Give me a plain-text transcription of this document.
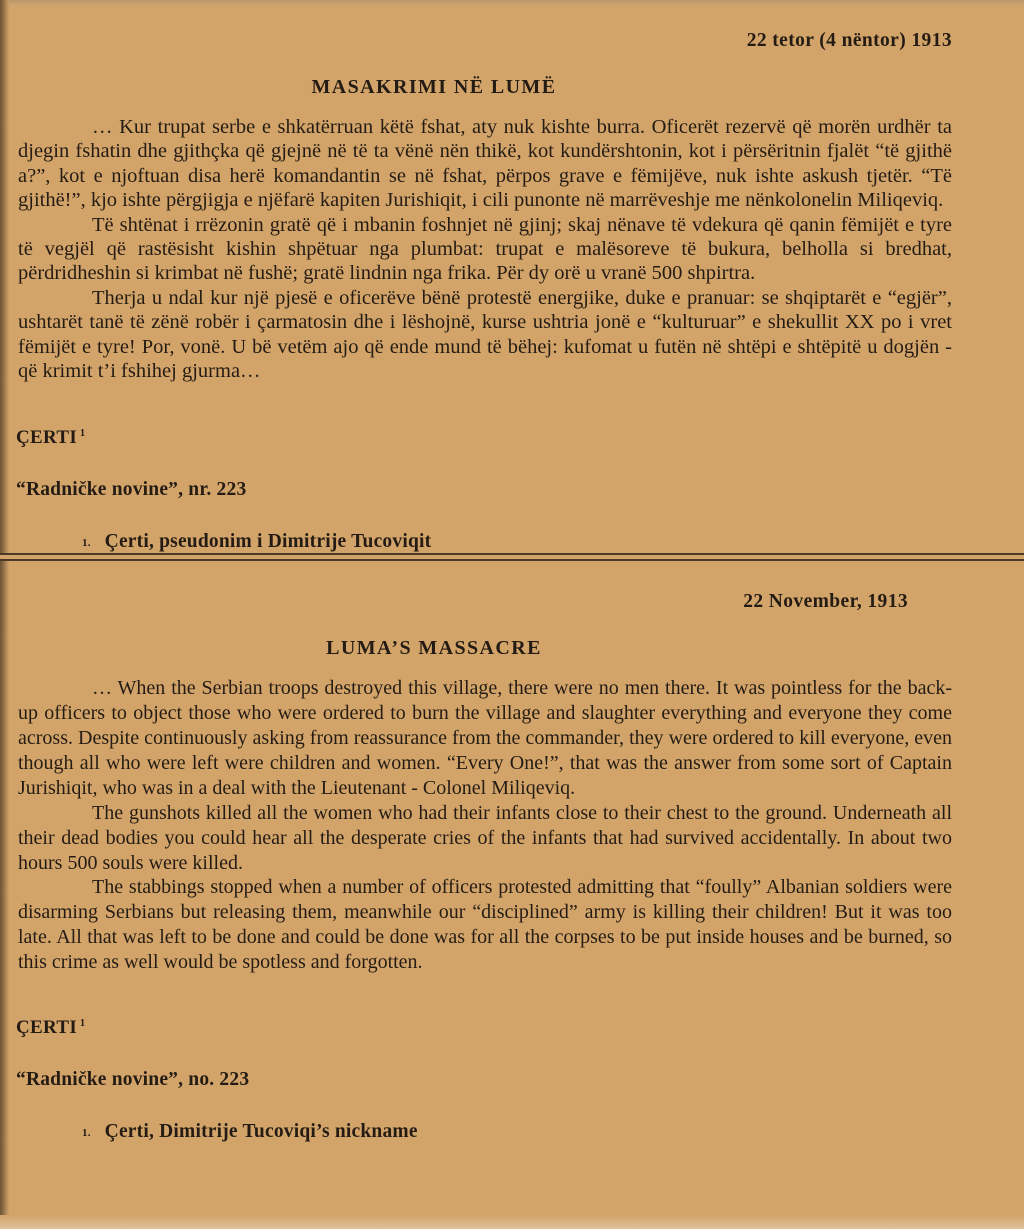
22 tetor (4 nëntor) 1913
MASAKRIMI NË LUMË

… Kur trupat serbe e shkatërruan këtë fshat, aty nuk kishte burra. Oficerët rezervë që morën urdhër ta djegin fshatin dhe gjithçka që gjejnë në të ta vënë nën thikë, kot kundërshtonin, kot i përsëritnin fjalët “të gjithë a?”, kot e njoftuan disa herë komandantin se në fshat, përpos grave e fëmijëve, nuk ishte askush tjetër. “Të gjithë!”, kjo ishte përgjigja e njëfarë kapiten Jurishiqit, i cili punonte në marrëveshje me nënkolonelin Miliqeviq.

Të shtënat i rrëzonin gratë që i mbanin foshnjet në gjinj; skaj nënave të vdekura që qanin fëmijët e tyre të vegjël që rastësisht kishin shpëtuar nga plumbat: trupat e malësoreve të bukura, belholla si bredhat, përdridheshin si krimbat në fushë; gratë lindnin nga frika. Për dy orë u vranë 500 shpirtra.

Therja u ndal kur një pjesë e oficerëve bënë protestë energjike, duke e pranuar: se shqiptarët e “egjër”, ushtarët tanë të zënë robër i çarmatosin dhe i lëshojnë, kurse ushtria jonë e “kulturuar” e shekullit XX po i vret fëmijët e tyre! Por, vonë. U bë vetëm ajo që ende mund të bëhej: kufomat u futën në shtëpi e shtëpitë u dogjën - që krimit t’i fshihej gjurma…

ÇERTI $^1$
“Radničke novine”, nr. 223
1. Çerti, pseudonim i Dimitrije Tucoviqit
22 November, 1913
LUMA’S MASSACRE

… When the Serbian troops destroyed this village, there were no men there. It was pointless for the back-up officers to object those who were ordered to burn the village and slaughter everything and everyone they come across. Despite continuously asking from reassurance from the commander, they were ordered to kill everyone, even though all who were left were children and women. “Every One!”, that was the answer from some sort of Captain Jurishiqit, who was in a deal with the Lieutenant - Colonel Miliqeviq.

The gunshots killed all the women who had their infants close to their chest to the ground. Underneath all their dead bodies you could hear all the desperate cries of the infants that had survived accidentally. In about two hours 500 souls were killed.

The stabbings stopped when a number of officers protested admitting that “foully” Albanian soldiers were disarming Serbians but releasing them, meanwhile our “disciplined” army is killing their children! But it was too late. All that was left to be done and could be done was for all the corpses to be put inside houses and be burned, so this crime as well would be spotless and forgotten.

ÇERTI $^1$
“Radničke novine”, no. 223
1. Çerti, Dimitrije Tucoviqi’s nickname
